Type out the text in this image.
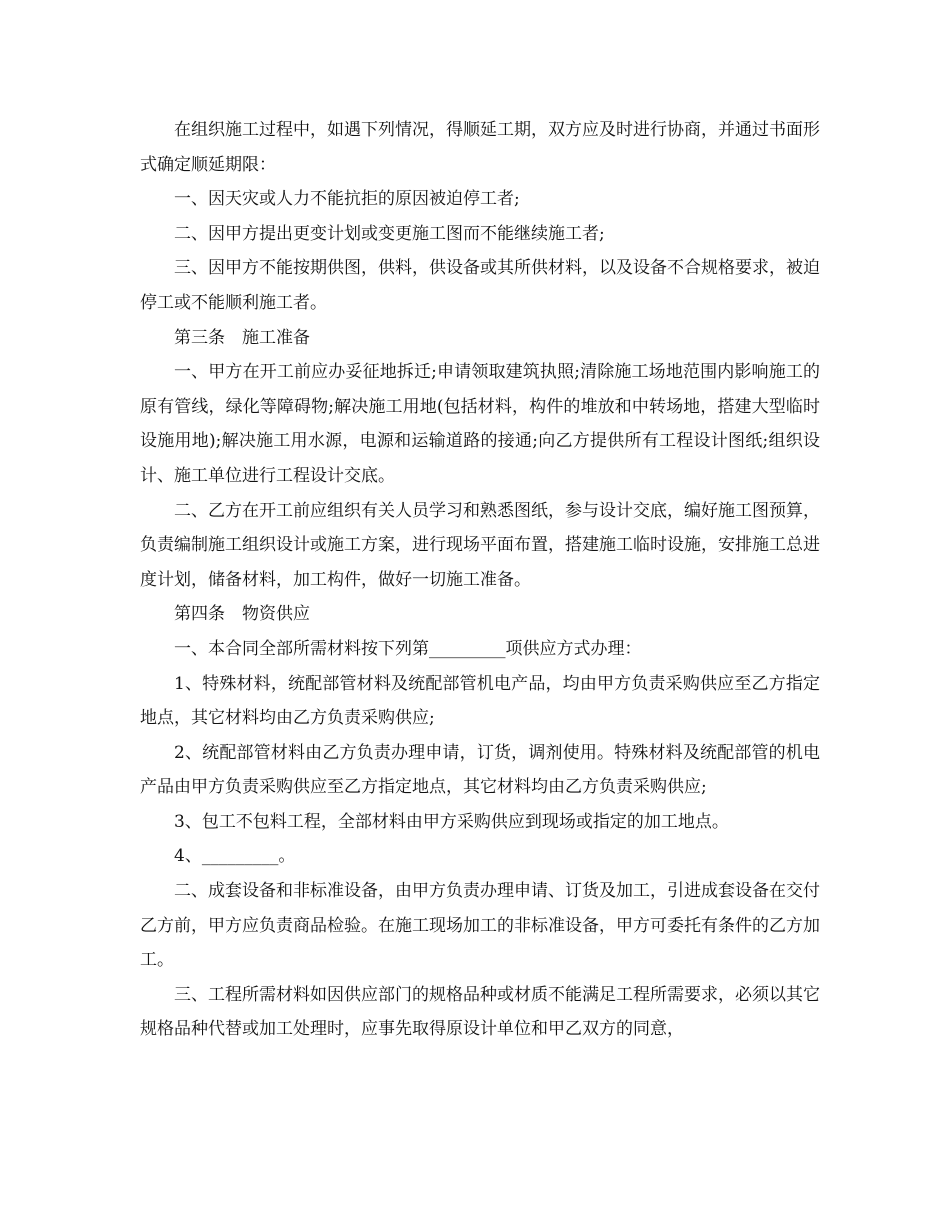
在组织施工过程中，如遇下列情况，得顺延工期，双方应及时进行协商，并通过书面形式确定顺延期限：

一、因天灾或人力不能抗拒的原因被迫停工者;

二、因甲方提出更变计划或变更施工图而不能继续施工者;

三、因甲方不能按期供图，供料，供设备或其所供材料，以及设备不合规格要求，被迫停工或不能顺利施工者。

第三条　施工准备

一、甲方在开工前应办妥征地拆迁;申请领取建筑执照;清除施工场地范围内影响施工的原有管线，绿化等障碍物;解决施工用地(包括材料，构件的堆放和中转场地，搭建大型临时设施用地);解决施工用水源，电源和运输道路的接通;向乙方提供所有工程设计图纸;组织设计、施工单位进行工程设计交底。

二、乙方在开工前应组织有关人员学习和熟悉图纸，参与设计交底，编好施工图预算，负责编制施工组织设计或施工方案，进行现场平面布置，搭建施工临时设施，安排施工总进度计划，储备材料，加工构件，做好一切施工准备。

第四条　物资供应

一、本合同全部所需材料按下列第_________项供应方式办理：

1、特殊材料，统配部管材料及统配部管机电产品，均由甲方负责采购供应至乙方指定地点，其它材料均由乙方负责采购供应;

2、统配部管材料由乙方负责办理申请，订货，调剂使用。特殊材料及统配部管的机电产品由甲方负责采购供应至乙方指定地点，其它材料均由乙方负责采购供应;

3、包工不包料工程，全部材料由甲方采购供应到现场或指定的加工地点。

4、_________。

二、成套设备和非标准设备，由甲方负责办理申请、订货及加工，引进成套设备在交付乙方前，甲方应负责商品检验。在施工现场加工的非标准设备，甲方可委托有条件的乙方加工。

三、工程所需材料如因供应部门的规格品种或材质不能满足工程所需要求，必须以其它规格品种代替或加工处理时，应事先取得原设计单位和甲乙双方的同意，
